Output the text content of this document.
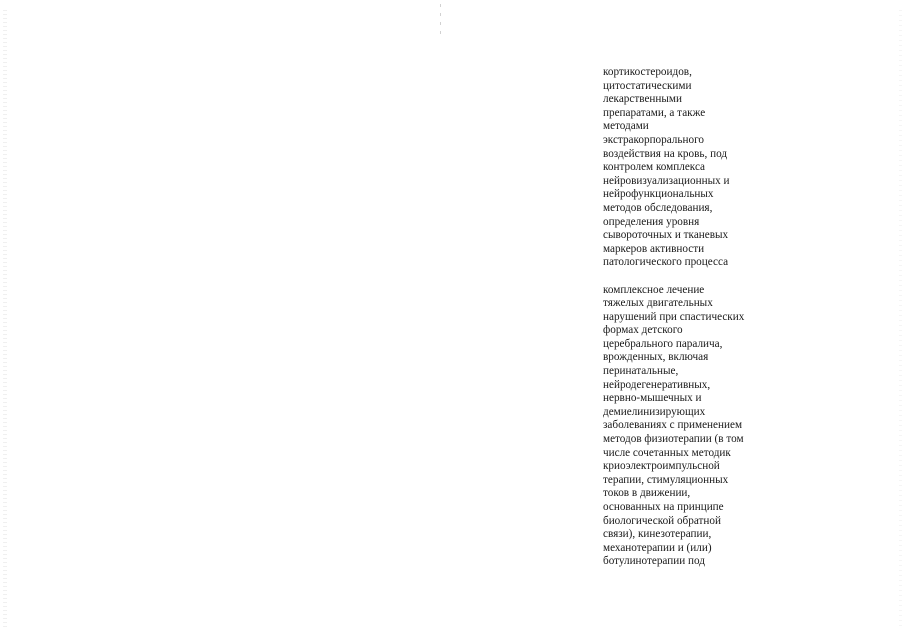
кортикостероидов,
цитостатическими
лекарственными
препаратами, а также
методами
экстракорпорального
воздействия на кровь, под
контролем комплекса
нейровизуализационных и
нейрофункциональных
методов обследования,
определения уровня
сывороточных и тканевых
маркеров активности
патологического процесса

комплексное лечение
тяжелых двигательных
нарушений при спастических
формах детского
церебрального паралича,
врожденных, включая
перинатальные,
нейродегенеративных,
нервно-мышечных и
демиелинизирующих
заболеваниях с применением
методов физиотерапии (в том
числе сочетанных методик
криоэлектроимпульсной
терапии, стимуляционных
токов в движении,
основанных на принципе
биологической обратной
связи), кинезотерапии,
механотерапии и (или)
ботулинотерапии под
